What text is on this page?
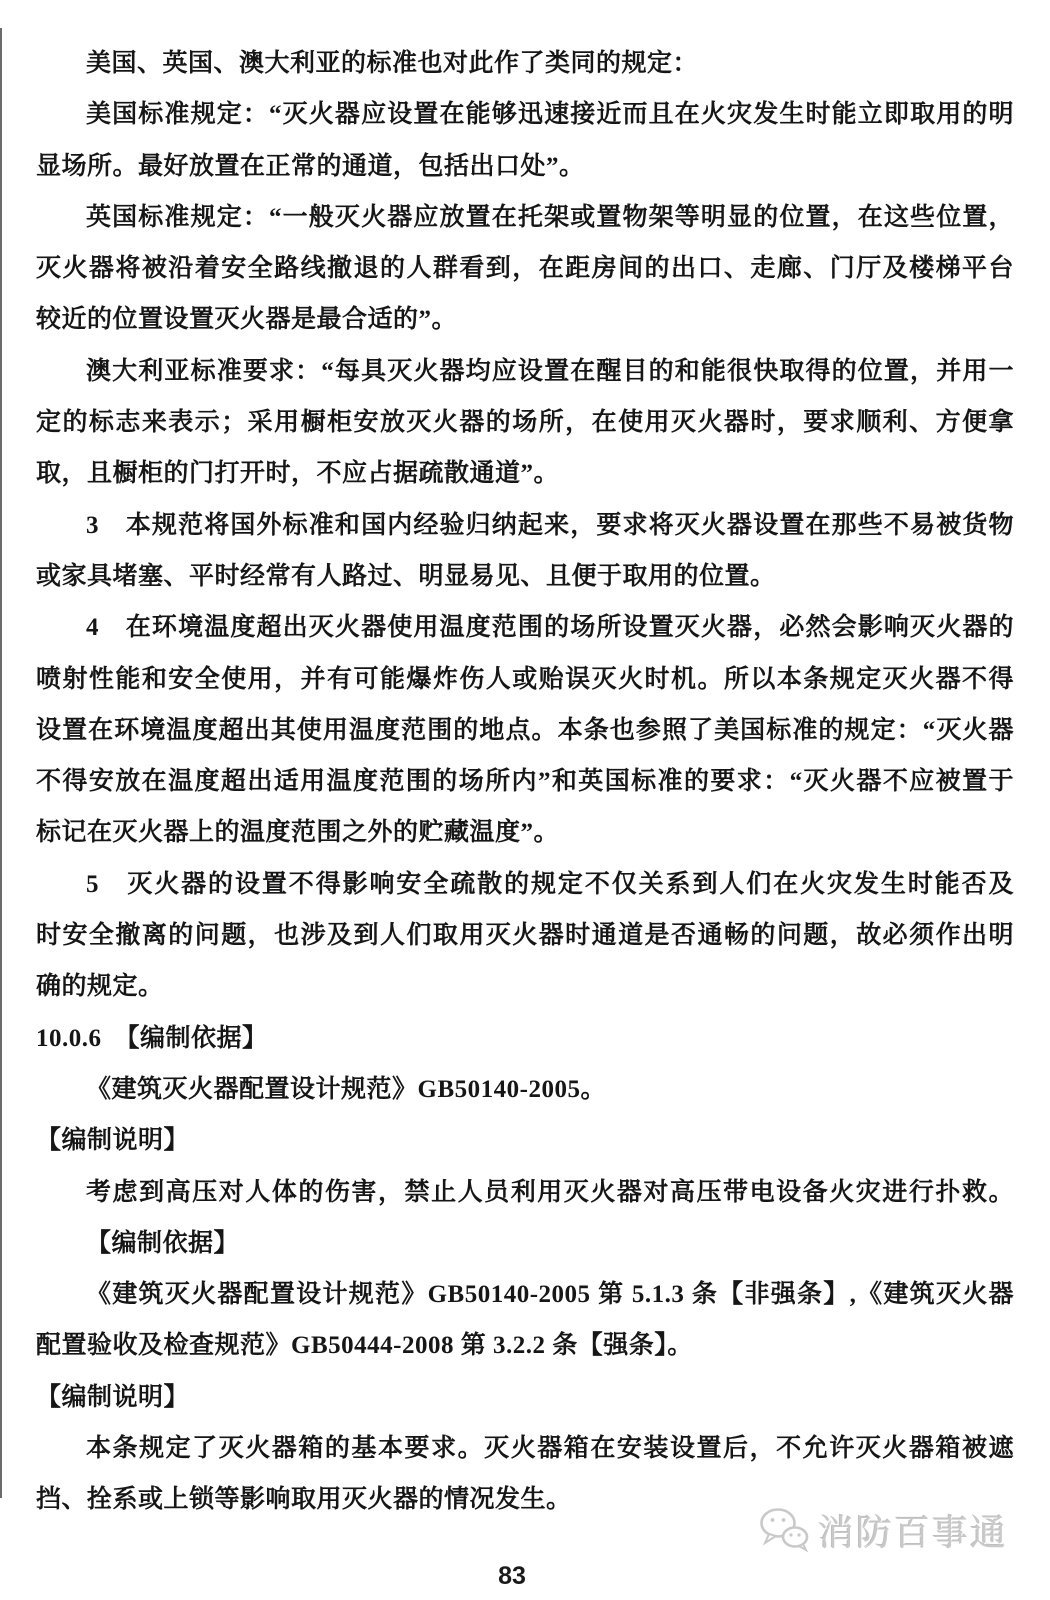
美国、英国、澳大利亚的标准也对此作了类同的规定：
美国标准规定：“灭火器应设置在能够迅速接近而且在火灾发生时能立即取用的明
显场所。最好放置在正常的通道，包括出口处”。
英国标准规定：“一般灭火器应放置在托架或置物架等明显的位置，在这些位置，
灭火器将被沿着安全路线撤退的人群看到，在距房间的出口、走廊、门厅及楼梯平台
较近的位置设置灭火器是最合适的”。
澳大利亚标准要求：“每具灭火器均应设置在醒目的和能很快取得的位置，并用一
定的标志来表示；采用橱柜安放灭火器的场所，在使用灭火器时，要求顺利、方便拿
取，且橱柜的门打开时，不应占据疏散通道”。
3　本规范将国外标准和国内经验归纳起来，要求将灭火器设置在那些不易被货物
或家具堵塞、平时经常有人路过、明显易见、且便于取用的位置。
4　在环境温度超出灭火器使用温度范围的场所设置灭火器，必然会影响灭火器的
喷射性能和安全使用，并有可能爆炸伤人或贻误灭火时机。所以本条规定灭火器不得
设置在环境温度超出其使用温度范围的地点。本条也参照了美国标准的规定：“灭火器
不得安放在温度超出适用温度范围的场所内”和英国标准的要求：“灭火器不应被置于
标记在灭火器上的温度范围之外的贮藏温度”。
5　灭火器的设置不得影响安全疏散的规定不仅关系到人们在火灾发生时能否及
时安全撤离的问题，也涉及到人们取用灭火器时通道是否通畅的问题，故必须作出明
确的规定。
10.0.6　【编制依据】
《建筑灭火器配置设计规范》GB50140-2005。
【编制说明】
考虑到高压对人体的伤害，禁止人员利用灭火器对高压带电设备火灾进行扑救。
【编制依据】
《建筑灭火器配置设计规范》GB50140-2005 第 5.1.3 条【非强条】,《建筑灭火器
配置验收及检查规范》GB50444-2008 第 3.2.2 条【强条】。
【编制说明】
本条规定了灭火器箱的基本要求。灭火器箱在安装设置后，不允许灭火器箱被遮
挡、拴系或上锁等影响取用灭火器的情况发生。
消防百事通
83
